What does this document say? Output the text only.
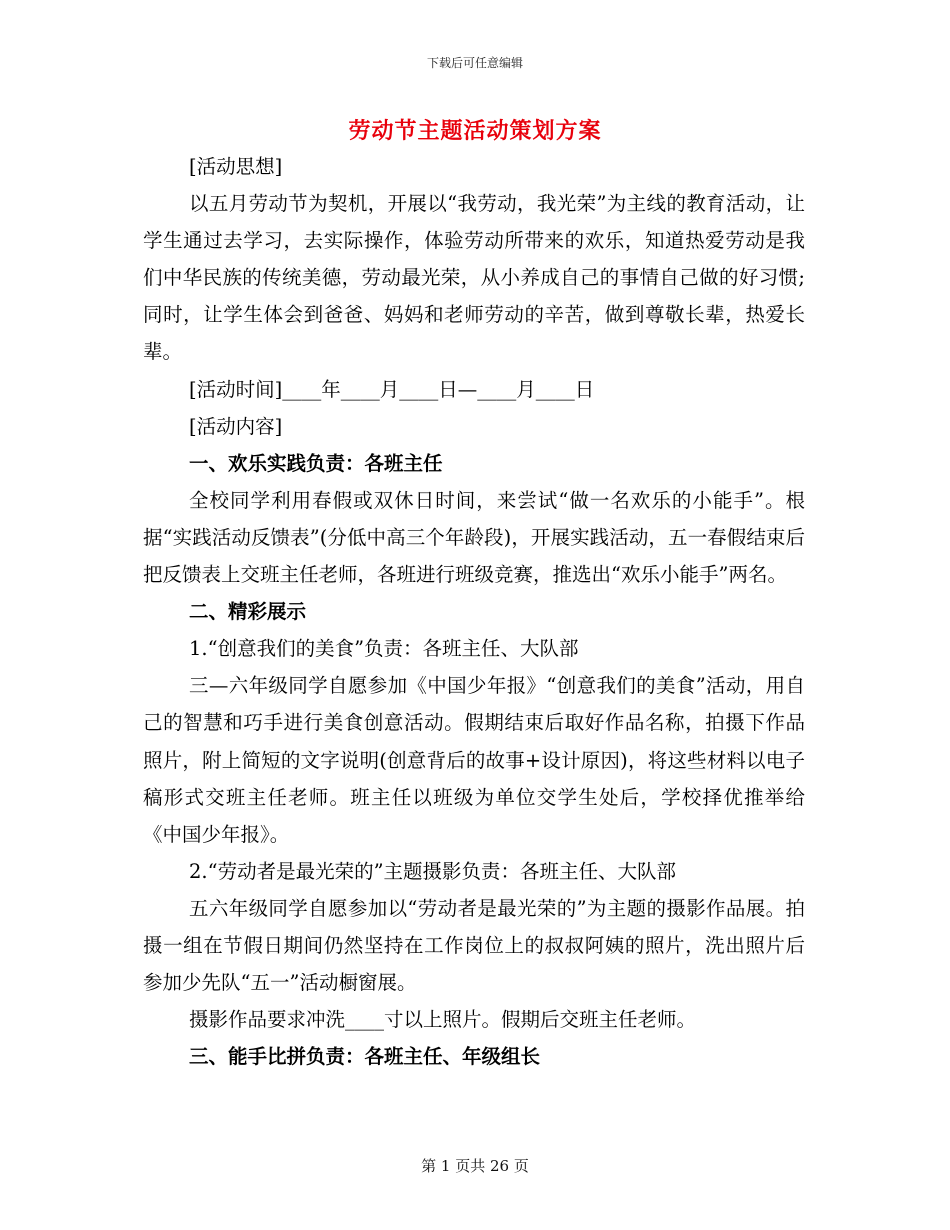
下载后可任意编辑
劳动节主题活动策划方案

[活动思想]

以五月劳动节为契机，开展以“我劳动，我光荣”为主线的教育活动，让学生通过去学习，去实际操作，体验劳动所带来的欢乐，知道热爱劳动是我们中华民族的传统美德，劳动最光荣，从小养成自己的事情自己做的好习惯;同时，让学生体会到爸爸、妈妈和老师劳动的辛苦，做到尊敬长辈，热爱长辈。

[活动时间]____年____月____日—____月____日

[活动内容]

一、欢乐实践负责：各班主任

全校同学利用春假或双休日时间，来尝试“做一名欢乐的小能手”。根据“实践活动反馈表”(分低中高三个年龄段)，开展实践活动，五一春假结束后把反馈表上交班主任老师，各班进行班级竞赛，推选出“欢乐小能手”两名。

二、精彩展示

1.“创意我们的美食”负责：各班主任、大队部

三—六年级同学自愿参加《中国少年报》“创意我们的美食”活动，用自己的智慧和巧手进行美食创意活动。假期结束后取好作品名称，拍摄下作品照片，附上简短的文字说明(创意背后的故事+设计原因)，将这些材料以电子稿形式交班主任老师。班主任以班级为单位交学生处后，学校择优推举给《中国少年报》。

2.“劳动者是最光荣的”主题摄影负责：各班主任、大队部

五六年级同学自愿参加以“劳动者是最光荣的”为主题的摄影作品展。拍摄一组在节假日期间仍然坚持在工作岗位上的叔叔阿姨的照片，洗出照片后参加少先队“五一”活动橱窗展。

摄影作品要求冲洗____寸以上照片。假期后交班主任老师。

三、能手比拼负责：各班主任、年级组长

第 1 页共 26 页
